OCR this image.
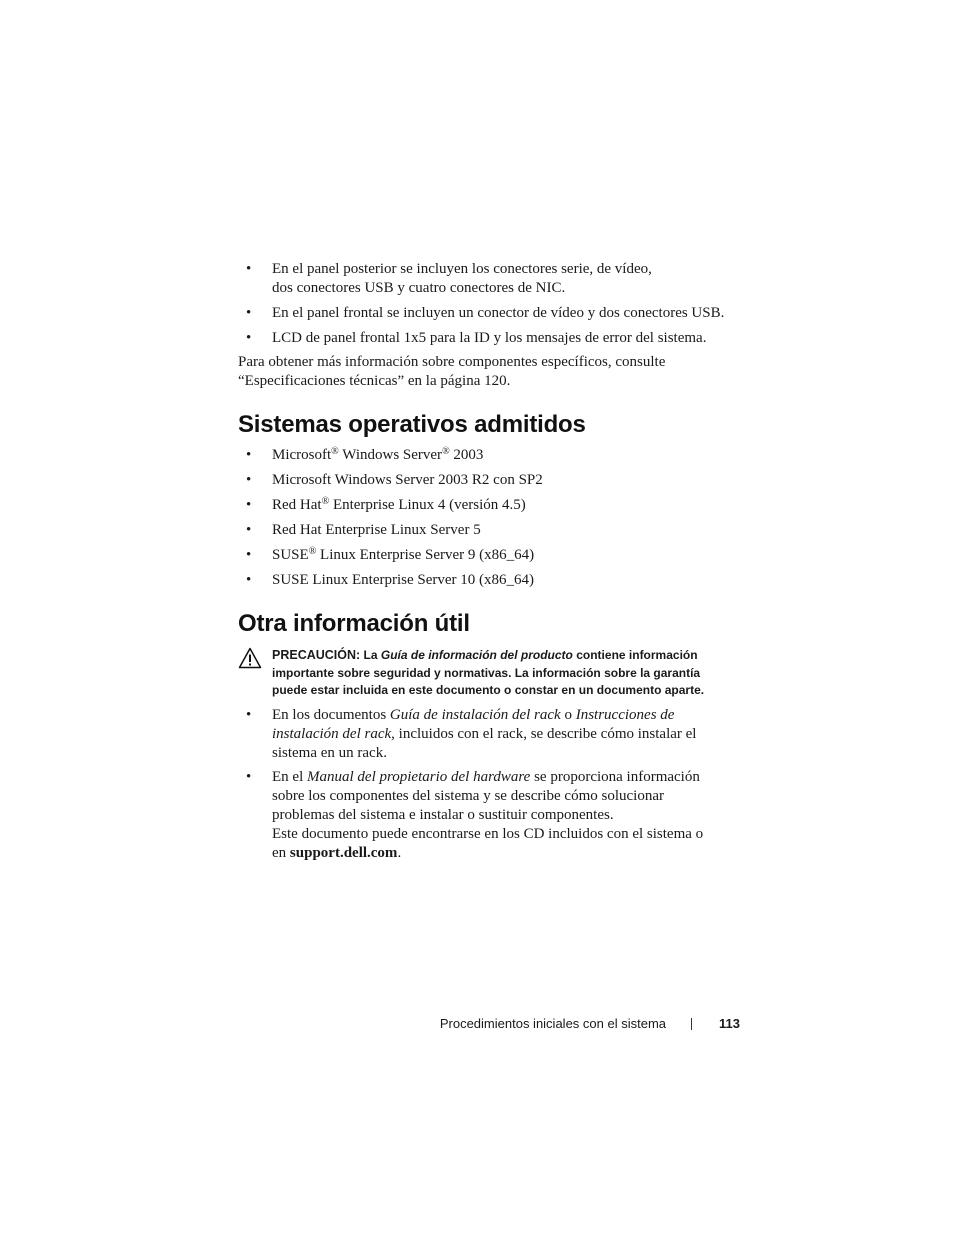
• En el panel posterior se incluyen los conectores serie, de vídeo,
dos conectores USB y cuatro conectores de NIC.
• En el panel frontal se incluyen un conector de vídeo y dos conectores USB.
• LCD de panel frontal 1x5 para la ID y los mensajes de error del sistema.

Para obtener más información sobre componentes específicos, consulte
“Especificaciones técnicas” en la página 120.

Sistemas operativos admitidos
• Microsoft® Windows Server® 2003
• Microsoft Windows Server 2003 R2 con SP2
• Red Hat® Enterprise Linux 4 (versión 4.5)
• Red Hat Enterprise Linux Server 5
• SUSE® Linux Enterprise Server 9 (x86_64)
• SUSE Linux Enterprise Server 10 (x86_64)
Otra información útil
PRECAUCIÓN: La Guía de información del producto contiene información importante sobre seguridad y normativas. La información sobre la garantía puede estar incluida en este documento o constar en un documento aparte.
• En los documentos Guía de instalación del rack o Instrucciones de instalación del rack, incluidos con el rack, se describe cómo instalar el sistema en un rack.
• En el Manual del propietario del hardware se proporciona información sobre los componentes del sistema y se describe cómo solucionar problemas del sistema e instalar o sustituir componentes.
Este documento puede encontrarse en los CD incluidos con el sistema o en support.dell.com.
Procedimientos iniciales con el sistema	113
